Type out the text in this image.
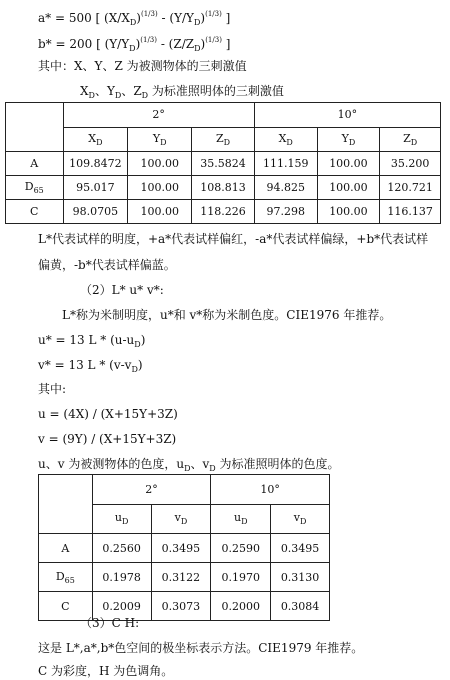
a* = 500 [ $(X/X_D)^{(1/3)} - (Y/Y_D)^{(1/3)}$ ]
b* = 200 [ $(Y/Y_D)^{(1/3)} - (Z/Z_D)^{(1/3)}$ ]
其中：X、Y、Z 为被测物体的三刺激值
$X_D$、$Y_D$、$Z_D$ 为标准照明体的三刺激值
	2°			10°		
	$X_D$	$Y_D$	$Z_D$	$X_D$	$Y_D$	$Z_D$
A	109.8472	100.00	35.5824	111.159	100.00	35.200
$D_{65}$	95.017	100.00	108.813	94.825	100.00	120.721
C	98.0705	100.00	118.226	97.298	100.00	116.137
L*代表试样的明度，+a*代表试样偏红，-a*代表试样偏绿，+b*代表试样
偏黄，-b*代表试样偏蓝。
（2）L* u* v*:
L*称为米制明度，u*和 v*称为米制色度。CIE1976 年推荐。
u* = 13 L * $(u-u_D)$
v* = 13 L * $(v-v_D)$
其中:
u = (4X) / (X+15Y+3Z)
v = (9Y) / (X+15Y+3Z)
u、v 为被测物体的色度，$u_D$、$v_D$ 为标准照明体的色度。
	2°		10°	
	$u_D$	$v_D$	$u_D$	$v_D$
A	0.2560	0.3495	0.2590	0.3495
$D_{65}$	0.1978	0.3122	0.1970	0.3130
C	0.2009	0.3073	0.2000	0.3084
（3）C H:
这是 L*,a*,b*色空间的极坐标表示方法。CIE1979 年推荐。
C 为彩度，H 为色调角。
